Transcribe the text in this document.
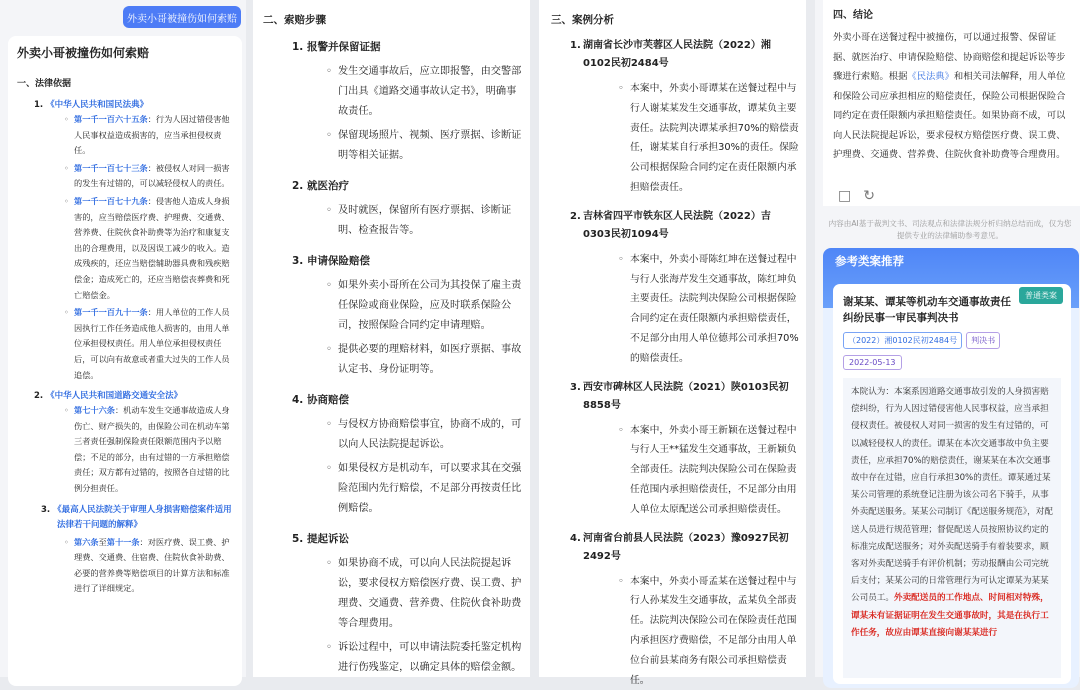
外卖小哥被撞伤如何索赔
外卖小哥被撞伤如何索赔
一、法律依据
1. 《中华人民共和国民法典》
◦ 第一千一百六十五条：行为人因过错侵害他人民事权益造成损害的，应当承担侵权责任。
◦ 第一千一百七十三条：被侵权人对同一损害的发生有过错的，可以减轻侵权人的责任。
◦ 第一千一百七十九条：侵害他人造成人身损害的，应当赔偿医疗费、护理费、交通费、营养费、住院伙食补助费等为治疗和康复支出的合理费用，以及因误工减少的收入。造成残疾的，还应当赔偿辅助器具费和残疾赔偿金；造成死亡的，还应当赔偿丧葬费和死亡赔偿金。
◦ 第一千一百九十一条：用人单位的工作人员因执行工作任务造成他人损害的，由用人单位承担侵权责任。用人单位承担侵权责任后，可以向有故意或者重大过失的工作人员追偿。
2. 《中华人民共和国道路交通安全法》
◦ 第七十六条：机动车发生交通事故造成人身伤亡、财产损失的，由保险公司在机动车第三者责任强制保险责任限额范围内予以赔偿；不足的部分，由有过错的一方承担赔偿责任；双方都有过错的，按照各自过错的比例分担责任。
3. 《最高人民法院关于审理人身损害赔偿案件适用法律若干问题的解释》
◦ 第六条至第十一条：对医疗费、误工费、护理费、交通费、住宿费、住院伙食补助费、必要的营养费等赔偿项目的计算方法和标准进行了详细规定。
二、索赔步骤
1. 报警并保留证据
◦ 发生交通事故后，应立即报警，由交警部门出具《道路交通事故认定书》，明确事故责任。
◦ 保留现场照片、视频、医疗票据、诊断证明等相关证据。
2. 就医治疗
◦ 及时就医，保留所有医疗票据、诊断证明、检查报告等。
3. 申请保险赔偿
◦ 如果外卖小哥所在公司为其投保了雇主责任保险或商业保险，应及时联系保险公司，按照保险合同约定申请理赔。
◦ 提供必要的理赔材料，如医疗票据、事故认定书、身份证明等。
4. 协商赔偿
◦ 与侵权方协商赔偿事宜，协商不成的，可以向人民法院提起诉讼。
◦ 如果侵权方是机动车，可以要求其在交强险范围内先行赔偿，不足部分再按责任比例赔偿。
5. 提起诉讼
◦ 如果协商不成，可以向人民法院提起诉讼，要求侵权方赔偿医疗费、误工费、护理费、交通费、营养费、住院伙食补助费等合理费用。
◦ 诉讼过程中，可以申请法院委托鉴定机构进行伤残鉴定，以确定具体的赔偿金额。
三、案例分析
1. 湖南省长沙市芙蓉区人民法院（2022）湘0102民初2484号
◦ 本案中，外卖小哥谭某在送餐过程中与行人谢某某发生交通事故，谭某负主要责任。法院判决谭某承担70%的赔偿责任，谢某某自行承担30%的责任。保险公司根据保险合同约定在责任限额内承担赔偿责任。
2. 吉林省四平市铁东区人民法院（2022）吉0303民初1094号
◦ 本案中，外卖小哥陈红坤在送餐过程中与行人张海芹发生交通事故，陈红坤负主要责任。法院判决保险公司根据保险合同约定在责任限额内承担赔偿责任，不足部分由用人单位德邦公司承担70%的赔偿责任。
3. 西安市碑林区人民法院（2021）陕0103民初8858号
◦ 本案中，外卖小哥王新颖在送餐过程中与行人王**猛发生交通事故，王新颖负全部责任。法院判决保险公司在保险责任范围内承担赔偿责任，不足部分由用人单位太原配送公司承担赔偿责任。
4. 河南省台前县人民法院（2023）豫0927民初2492号
◦ 本案中，外卖小哥孟某在送餐过程中与行人孙某发生交通事故，孟某负全部责任。法院判决保险公司在保险责任范围内承担医疗费赔偿，不足部分由用人单位台前县某商务有限公司承担赔偿责任。
四、结论
外卖小哥在送餐过程中被撞伤，可以通过报警、保留证据、就医治疗、申请保险赔偿、协商赔偿和提起诉讼等步骤进行索赔。根据《民法典》和相关司法解释，用人单位和保险公司应承担相应的赔偿责任，保险公司根据保险合同约定在责任限额内承担赔偿责任。如果协商不成，可以向人民法院提起诉讼，要求侵权方赔偿医疗费、误工费、护理费、交通费、营养费、住院伙食补助费等合理费用。
□ ↻
内容由AI基于裁判文书、司法观点和法律法规分析归纳总结而成，仅为您提供专业的法律辅助参考意见。
参考类案推荐
普通类案
谢某某、谭某等机动车交通事故责任纠纷民事一审民事判决书
（2022）湘0102民初2484号	判决书
2022-05-13
本院认为：本案系因道路交通事故引发的人身损害赔偿纠纷，行为人因过错侵害他人民事权益，应当承担侵权责任。被侵权人对同一损害的发生有过错的，可以减轻侵权人的责任。谭某在本次交通事故中负主要责任，应承担70%的赔偿责任，谢某某在本次交通事故中存在过错，应自行承担30%的责任。谭某通过某某公司管理的系统登记注册为该公司名下骑手，从事外卖配送服务。某某公司制订《配送服务规范》，对配送人员进行规范管理；督促配送人员按照协议约定的标准完成配送服务；对外卖配送骑手有着装要求，顾客对外卖配送骑手有评价机制；劳动报酬由公司完统后支付；某某公司的日常管理行为可认定谭某为某某公司员工。外卖配送员的工作地点、时间相对特殊，谭某未有证据证明在发生交通事故时，其是在执行工作任务，故应由谭某直接向谢某某进行
